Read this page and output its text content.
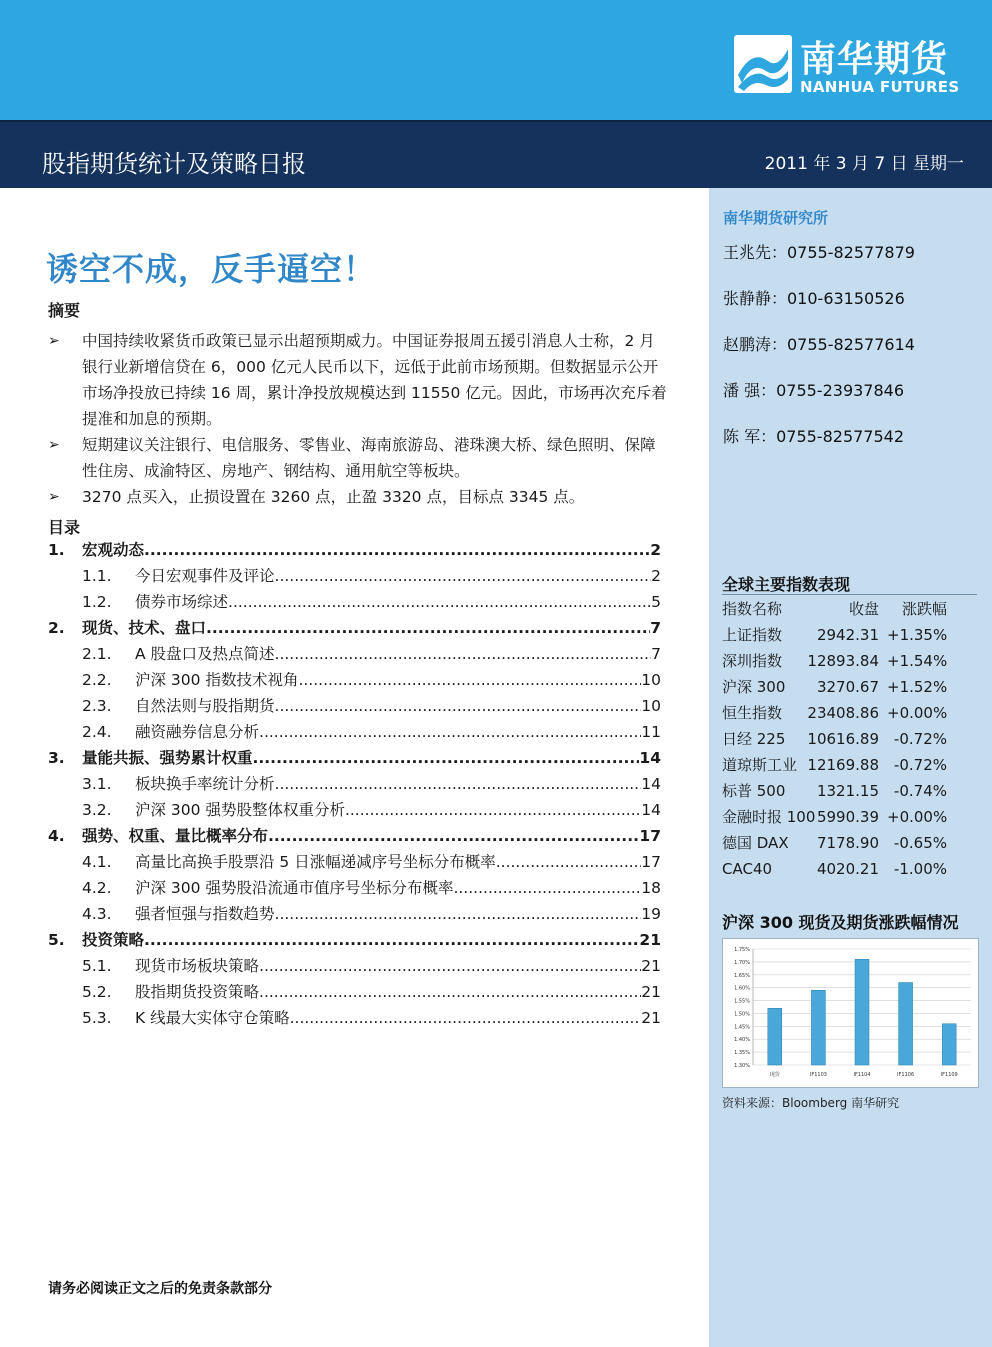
南华期货
NANHUA FUTURES
股指期货统计及策略日报	2011 年 3 月 7 日 星期一
诱空不成，反手逼空！
摘要
➢ 中国持续收紧货币政策已显示出超预期威力。中国证券报周五援引消息人士称，2 月银行业新增信贷在 6，000 亿元人民币以下，远低于此前市场预期。但数据显示公开市场净投放已持续 16 周，累计净投放规模达到 11550 亿元。因此，市场再次充斥着提准和加息的预期。
➢ 短期建议关注银行、电信服务、零售业、海南旅游岛、港珠澳大桥、绿色照明、保障性住房、成渝特区、房地产、钢结构、通用航空等板块。
➢ 3270 点买入，止损设置在 3260 点，止盈 3320 点，目标点 3345 点。
目录
1. 宏观动态 .....	2
1.1. 今日宏观事件及评论 .....	2
1.2. 债券市场综述 .....	5
2. 现货、技术、盘口 .....	7
2.1. A 股盘口及热点简述 .....	7
2.2. 沪深 300 指数技术视角 .....	10
2.3. 自然法则与股指期货 .....	10
2.4. 融资融券信息分析 .....	11
3. 量能共振、强势累计权重 .....	14
3.1. 板块换手率统计分析 .....	14
3.2. 沪深 300 强势股整体权重分析 .....	14
4. 强势、权重、量比概率分布 .....	17
4.1. 高量比高换手股票沿 5 日涨幅递减序号坐标分布概率 .....	17
4.2. 沪深 300 强势股沿流通市值序号坐标分布概率 .....	18
4.3. 强者恒强与指数趋势 .....	19
5. 投资策略 .....	21
5.1. 现货市场板块策略 .....	21
5.2. 股指期货投资策略 .....	21
5.3. K 线最大实体守仓策略 .....	21
请务必阅读正文之后的免责条款部分
南华期货研究所
王兆先：0755-82577879
张静静：010-63150526
赵鹏涛：0755-82577614
潘 强：0755-23937846
陈 军：0755-82577542
全球主要指数表现
指数名称	收盘	涨跌幅
上证指数	2942.31 +1.35%
深圳指数	12893.84 +1.54%
沪深 300	3270.67 +1.52%
恒生指数	23408.86 +0.00%
日经 225	10616.89 -0.72%
道琼斯工业 12169.88 -0.72%
标普 500	1321.15 -0.74%
金融时报 100 5990.39 +0.00%
德国 DAX	7178.90 -0.65%
CAC40	4020.21 -1.00%
沪深 300 现货及期货涨跌幅情况
1.30%
1.35%
1.40%
1.45%
1.50%
1.55%
1.60%
1.65%
1.70%
1.75%
现货	IF1103	IF1104	IF1106	IF1109
资料来源：Bloomberg 南华研究
